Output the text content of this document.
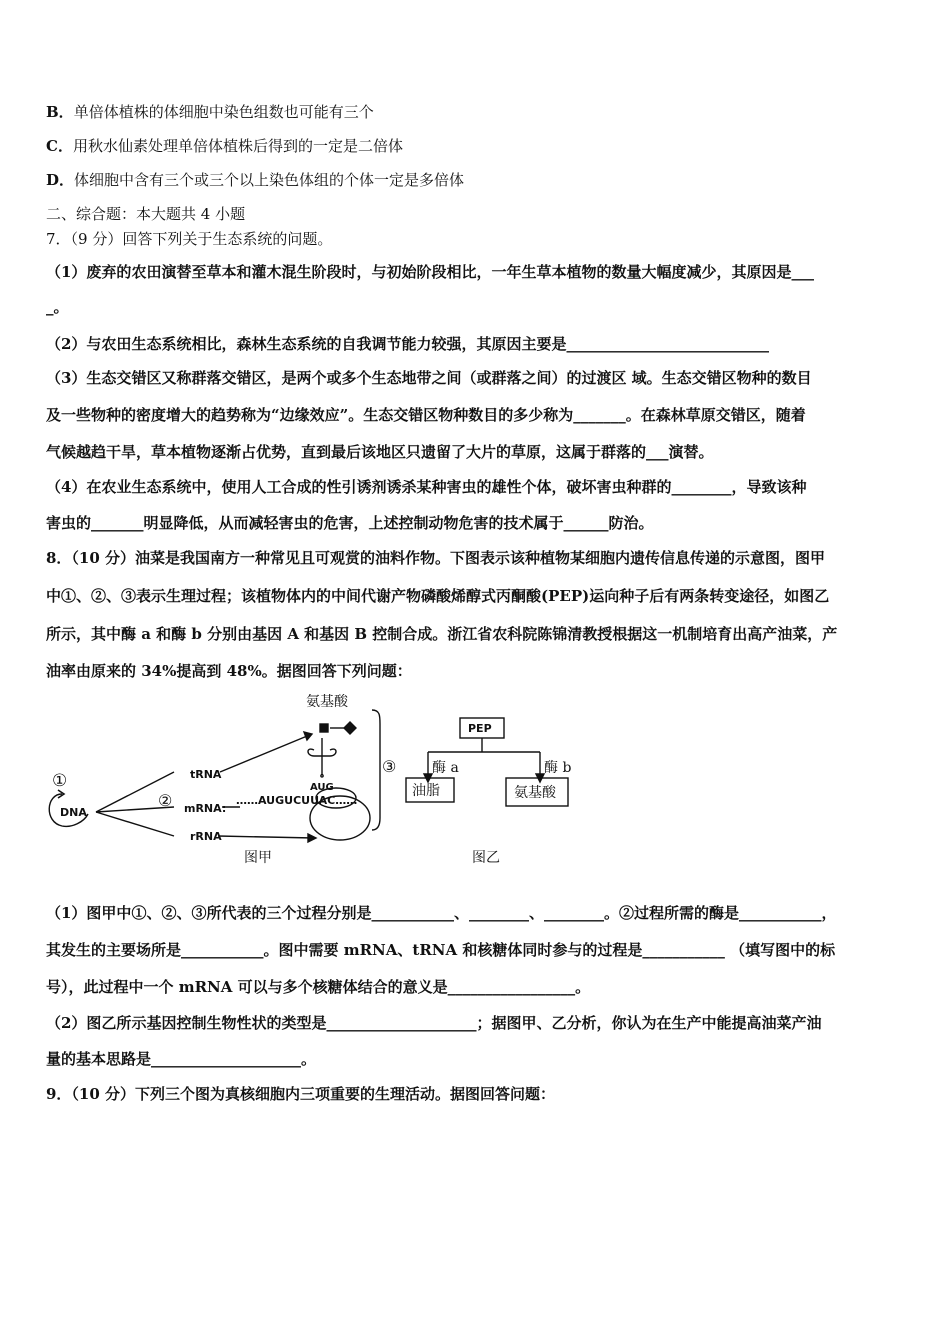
B．单倍体植株的体细胞中染色组数也可能有三个
C．用秋水仙素处理单倍体植株后得到的一定是二倍体
D．体细胞中含有三个或三个以上染色体组的个体一定是多倍体
二、综合题：本大题共 4 小题
7．（9 分）回答下列关于生态系统的问题。
（1）废弃的农田演替至草本和灌木混生阶段时，与初始阶段相比，一年生草本植物的数量大幅度减少，其原因是___
_。
（2）与农田生态系统相比，森林生态系统的自我调节能力较强，其原因主要是___________________________
（3）生态交错区又称群落交错区，是两个或多个生态地带之间（或群落之间）的过渡区 域。生态交错区物种的数目
及一些物种的密度增大的趋势称为“边缘效应”。生态交错区物种数目的多少称为_______。在森林草原交错区，随着
气候越趋干旱，草本植物逐渐占优势，直到最后该地区只遗留了大片的草原，这属于群落的___演替。
（4）在农业生态系统中，使用人工合成的性引诱剂诱杀某种害虫的雄性个体，破坏害虫种群的________，导致该种
害虫的_______明显降低，从而减轻害虫的危害，上述控制动物危害的技术属于______防治。
8．（10 分）油菜是我国南方一种常见且可观赏的油料作物。下图表示该种植物某细胞内遗传信息传递的示意图，图甲
中①、②、③表示生理过程；该植物体内的中间代谢产物磷酸烯醇式丙酮酸(PEP)运向种子后有两条转变途径，如图乙
所示，其中酶 a 和酶 b 分别由基因 A 和基因 B 控制合成。浙江省农科院陈锦清教授根据这一机制培育出高产油菜，产
油率由原来的 34%提高到 48%。据图回答下列问题：
氨基酸
①
DNA
②
tRNA
mRNA:
rRNA
AUG
……AUGUCUUAC……
③
图甲
PEP
酶 a	酶 b
油脂	氨基酸
图乙
（1）图甲中①、②、③所代表的三个过程分别是___________、________、________。②过程所需的酶是___________，
其发生的主要场所是___________。图中需要 mRNA、tRNA 和核糖体同时参与的过程是___________ （填写图中的标
号），此过程中一个 mRNA 可以与多个核糖体结合的意义是_________________。
（2）图乙所示基因控制生物性状的类型是____________________；据图甲、乙分析，你认为在生产中能提高油菜产油
量的基本思路是____________________。
9．（10 分）下列三个图为真核细胞内三项重要的生理活动。据图回答问题：
